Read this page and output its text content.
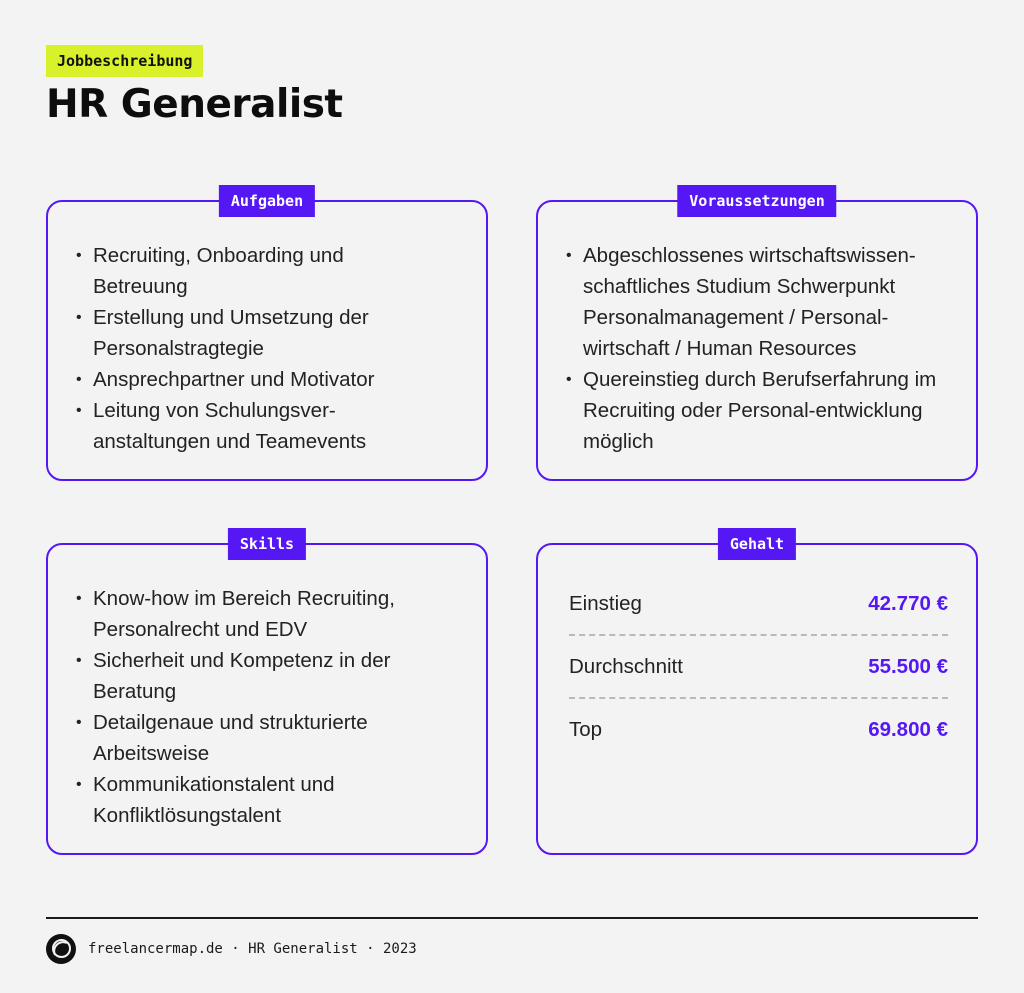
Jobbeschreibung
HR Generalist
Aufgaben
• Recruiting, Onboarding und Betreuung
• Erstellung und Umsetzung der Personalstragtegie
• Ansprechpartner und Motivator
• Leitung von Schulungsver-anstaltungen und Teamevents
Voraussetzungen
• Abgeschlossenes wirtschaftswissen-schaftliches Studium Schwerpunkt Personalmanagement / Personal-wirtschaft / Human Resources
• Quereinstieg durch Berufserfahrung im Recruiting oder Personal-entwicklung möglich
Skills
• Know-how im Bereich Recruiting, Personalrecht und EDV
• Sicherheit und Kompetenz in der Beratung
• Detailgenaue und strukturierte Arbeitsweise
• Kommunikationstalent und Konfliktlösungstalent
Gehalt
Einstieg	42.770 €
Durchschnitt	55.500 €
Top	69.800 €
freelancermap.de · HR Generalist · 2023
